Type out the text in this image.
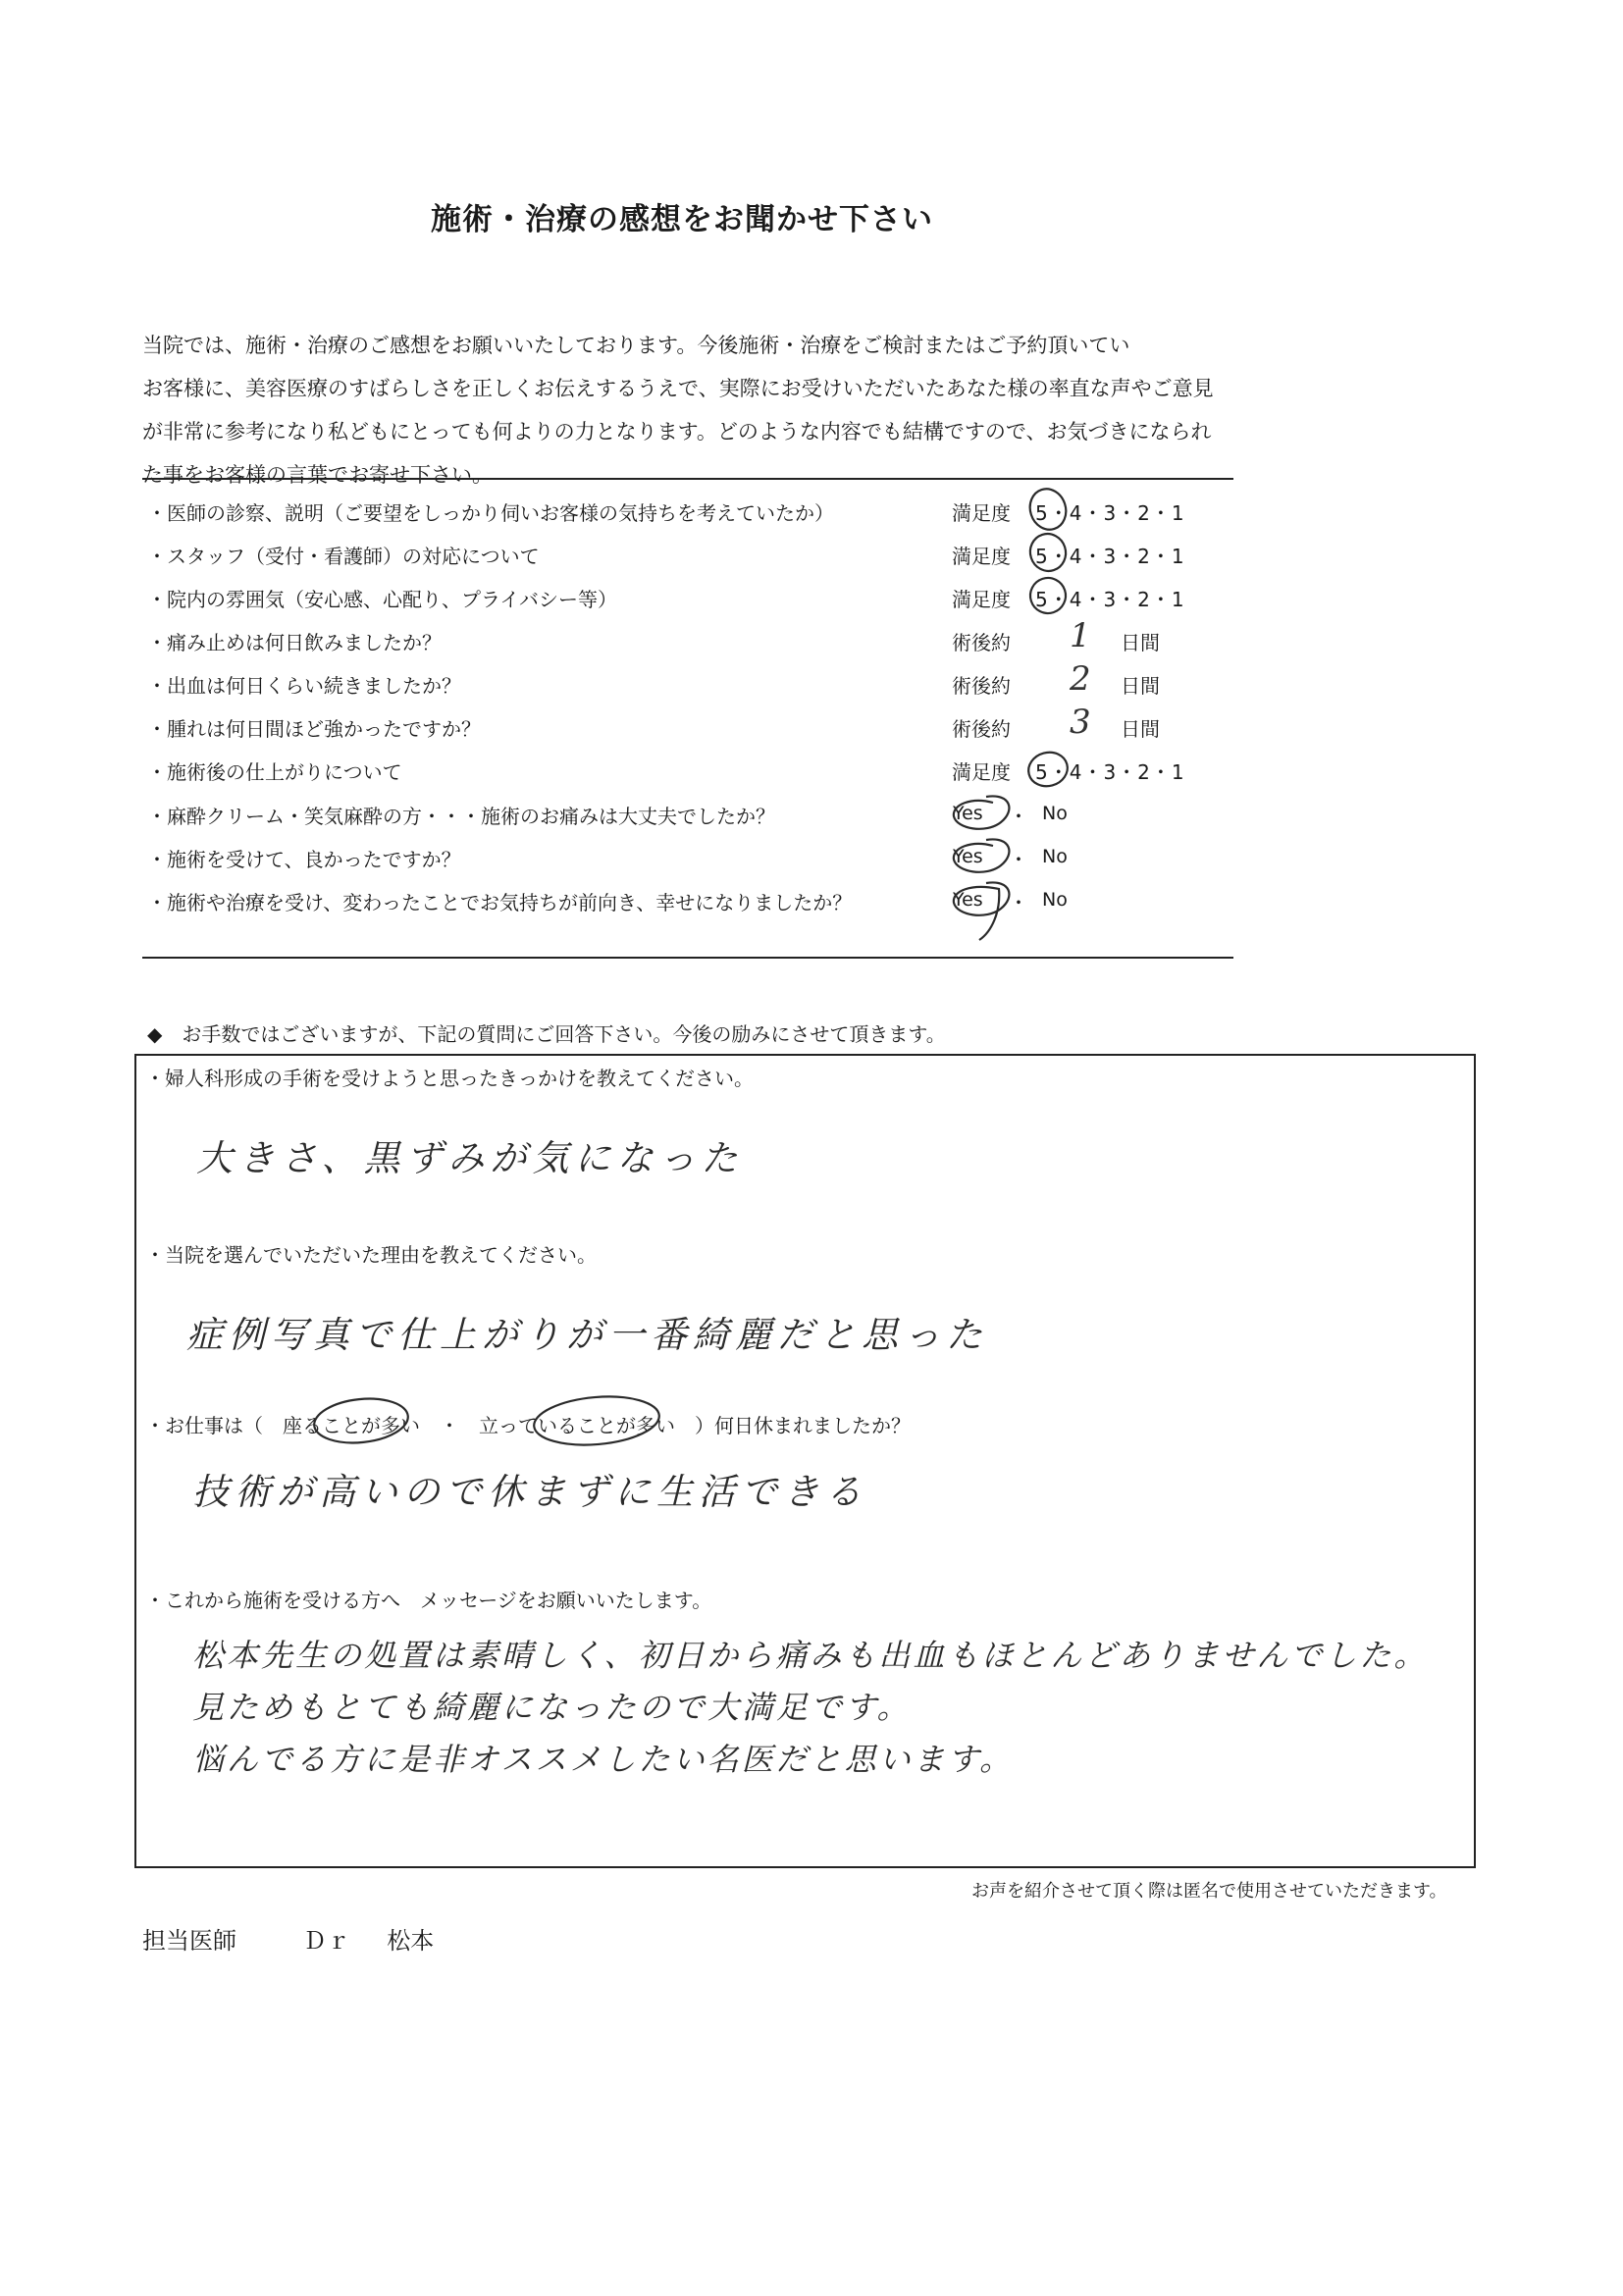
施術・治療の感想をお聞かせ下さい
当院では、施術・治療のご感想をお願いいたしております。今後施術・治療をご検討またはご予約頂いてい
お客様に、美容医療のすばらしさを正しくお伝えするうえで、実際にお受けいただいたあなた様の率直な声やご意見
が非常に参考になり私どもにとっても何よりの力となります。どのような内容でも結構ですので、お気づきになられ
た事をお客様の言葉でお寄せ下さい。
・医師の診察、説明（ご要望をしっかり伺いお客様の気持ちを考えていたか）	満足度 5・4・3・2・1
・スタッフ（受付・看護師）の対応について	満足度 5・4・3・2・1
・院内の雰囲気（安心感、心配り、プライバシー等）	満足度 5・4・3・2・1
・痛み止めは何日飲みましたか？	術後約 1 日間
・出血は何日くらい続きましたか？	術後約 2 日間
・腫れは何日間ほど強かったですか？	術後約 3 日間
・施術後の仕上がりについて	満足度 5・4・3・2・1
・麻酔クリーム・笑気麻酔の方・・・施術のお痛みは大丈夫でしたか？	Yes ・ No
・施術を受けて、良かったですか？	Yes ・ No
・施術や治療を受け、変わったことでお気持ちが前向き、幸せになりましたか？	Yes ・ No
◆　お手数ではございますが、下記の質問にご回答下さい。今後の励みにさせて頂きます。
・婦人科形成の手術を受けようと思ったきっかけを教えてください。
大きさ、黒ずみが気になった
・当院を選んでいただいた理由を教えてください。
症例写真で仕上がりが一番綺麗だと思った
・お仕事は（　座ることが多い　・　立っていることが多い　）何日休まれましたか？
技術が高いので休まずに生活できる
・これから施術を受ける方へ　メッセージをお願いいたします。
松本先生の処置は素晴しく、初日から痛みも出血もほとんどありませんでした。
見ためもとても綺麗になったので大満足です。
悩んでる方に是非オススメしたい名医だと思います。
お声を紹介させて頂く際は匿名で使用させていただきます。
担当医師	Ｄｒ 松本
